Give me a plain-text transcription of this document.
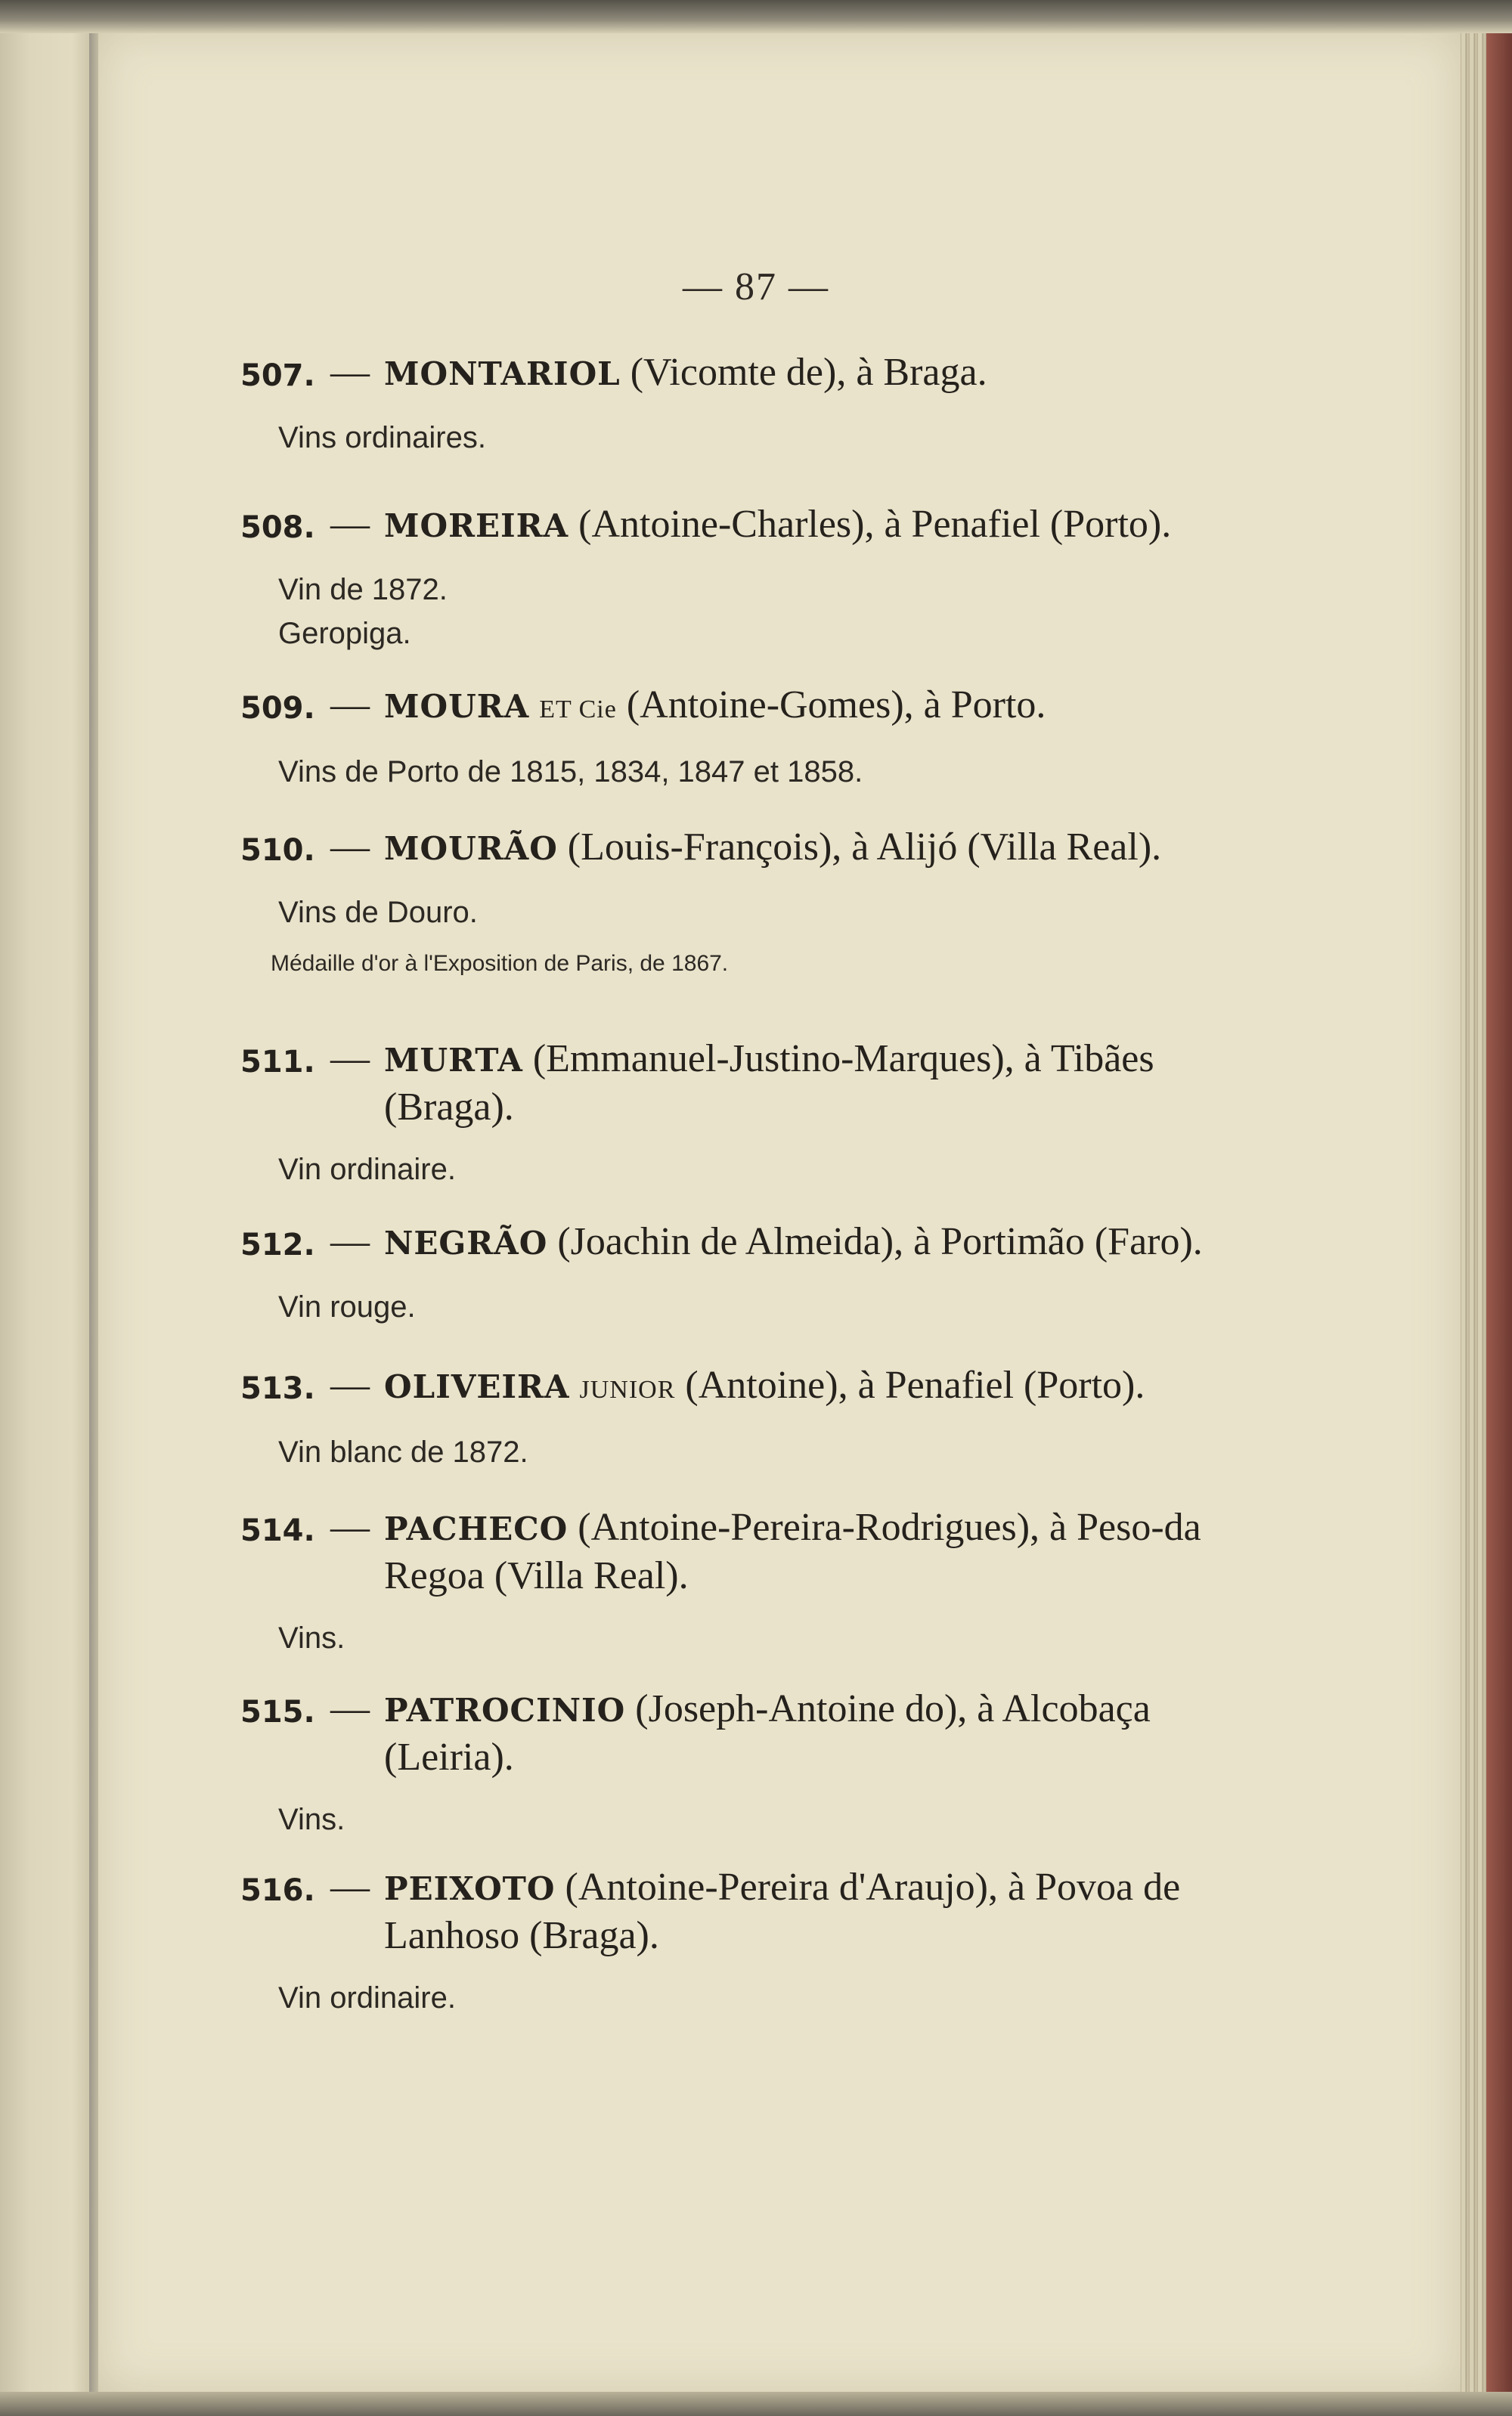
— 87 —
507. — MONTARIOL (Vicomte de), à Braga.
Vins ordinaires.
508. — MOREIRA (Antoine-Charles), à Penafiel (Porto).
Vin de 1872.
Geropiga.
509. — MOURA ET Cie (Antoine-Gomes), à Porto.
Vins de Porto de 1815, 1834, 1847 et 1858.
510. — MOURÃO (Louis-François), à Alijó (Villa Real).
Vins de Douro.
Médaille d'or à l'Exposition de Paris, de 1867.
511. — MURTA (Emmanuel-Justino-Marques), à Tibães (Braga).
Vin ordinaire.
512. — NEGRÃO (Joachin de Almeida), à Portimão (Faro).
Vin rouge.
513. — OLIVEIRA JUNIOR (Antoine), à Penafiel (Porto).
Vin blanc de 1872.
514. — PACHECO (Antoine-Pereira-Rodrigues), à Peso-da Regoa (Villa Real).
Vins.
515. — PATROCINIO (Joseph-Antoine do), à Alcobaça (Leiria).
Vins.
516. — PEIXOTO (Antoine-Pereira d'Araujo), à Povoa de Lanhoso (Braga).
Vin ordinaire.
